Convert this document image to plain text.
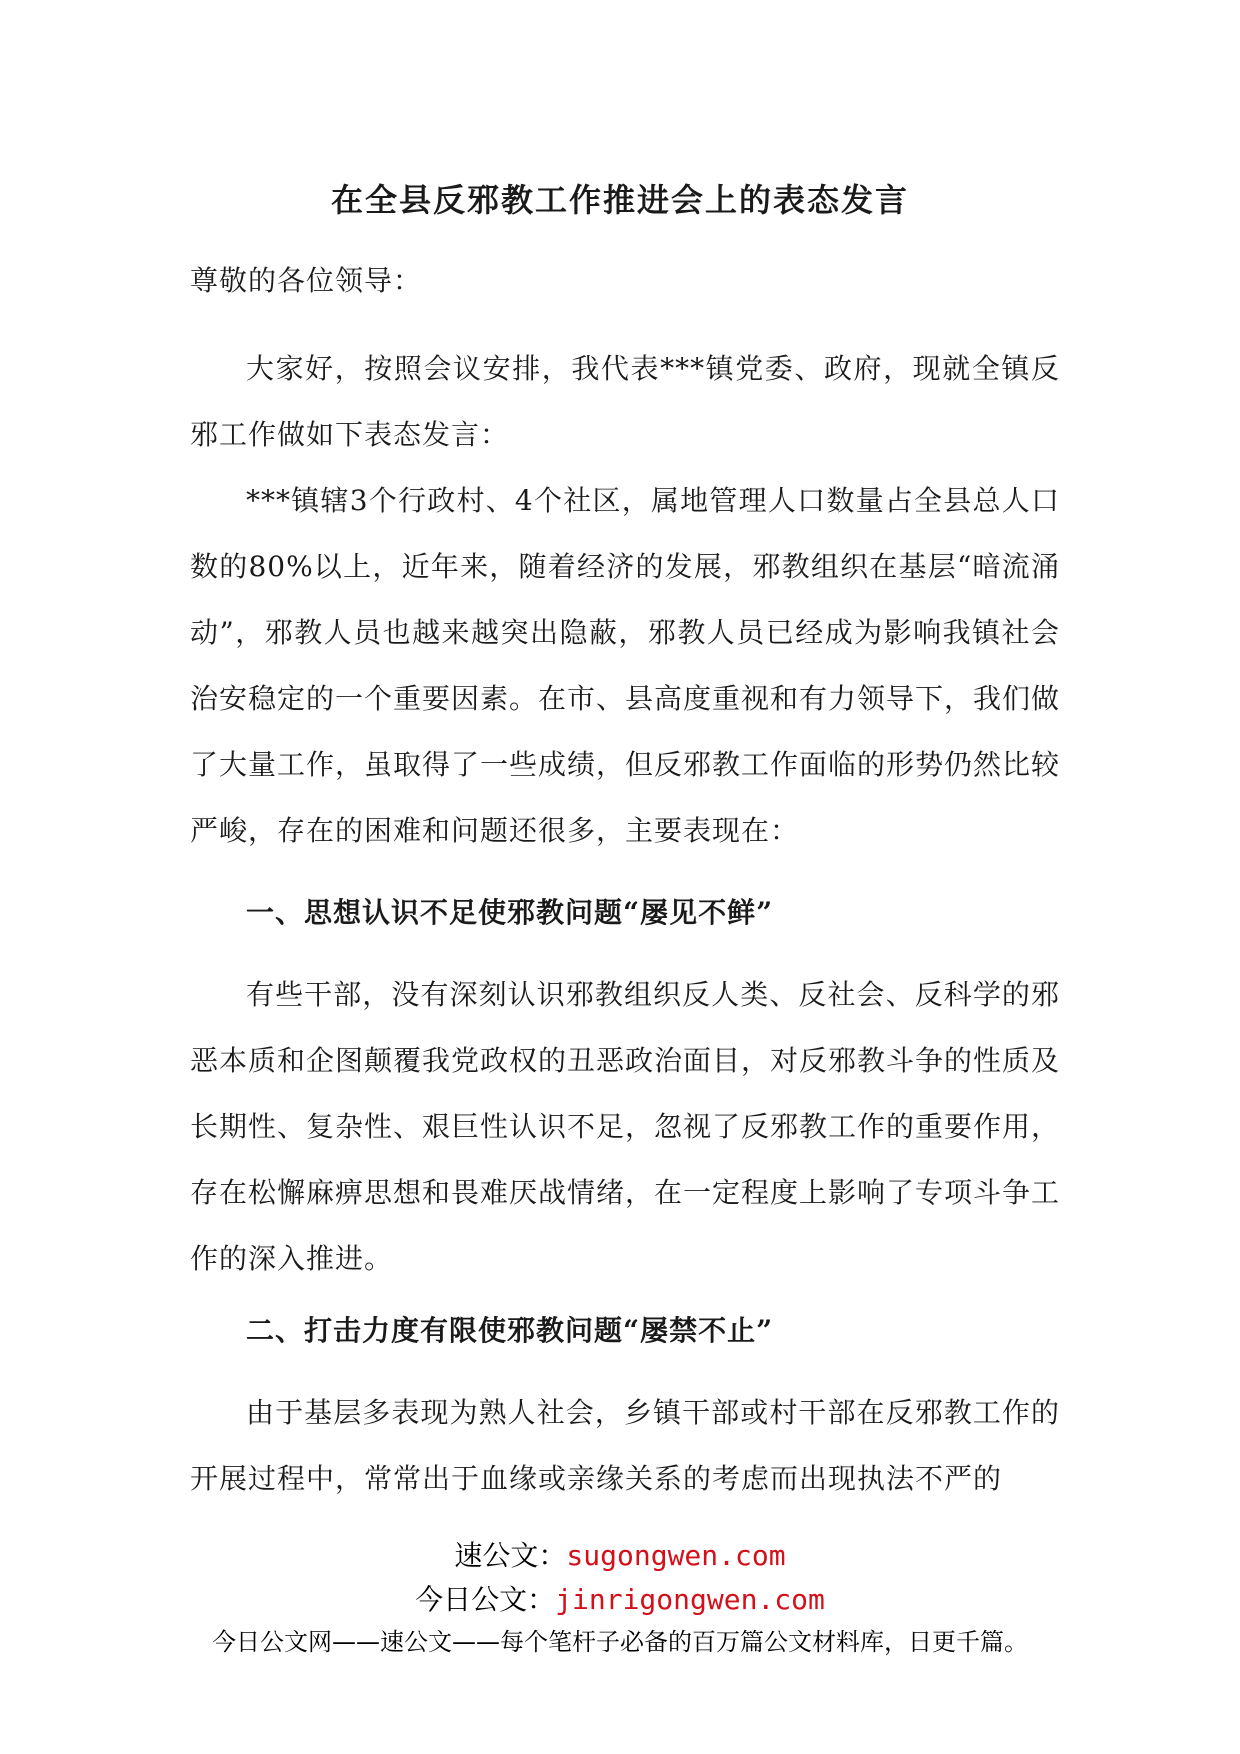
在全县反邪教工作推进会上的表态发言
尊敬的各位领导：
大家好，按照会议安排，我代表***镇党委、政府，现就全镇反邪工作做如下表态发言：
***镇辖3个行政村、4个社区，属地管理人口数量占全县总人口数的80%以上，近年来，随着经济的发展，邪教组织在基层“暗流涌动”，邪教人员也越来越突出隐蔽，邪教人员已经成为影响我镇社会治安稳定的一个重要因素。在市、县高度重视和有力领导下，我们做了大量工作，虽取得了一些成绩，但反邪教工作面临的形势仍然比较严峻，存在的困难和问题还很多，主要表现在：
一、思想认识不足使邪教问题“屡见不鲜”
有些干部，没有深刻认识邪教组织反人类、反社会、反科学的邪恶本质和企图颠覆我党政权的丑恶政治面目，对反邪教斗争的性质及长期性、复杂性、艰巨性认识不足，忽视了反邪教工作的重要作用，存在松懈麻痹思想和畏难厌战情绪，在一定程度上影响了专项斗争工作的深入推进。
二、打击力度有限使邪教问题“屡禁不止”
由于基层多表现为熟人社会，乡镇干部或村干部在反邪教工作的开展过程中，常常出于血缘或亲缘关系的考虑而出现执法不严的
速公文：sugongwen.com
今日公文：jinrigongwen.com
今日公文网——速公文——每个笔杆子必备的百万篇公文材料库，日更千篇。
